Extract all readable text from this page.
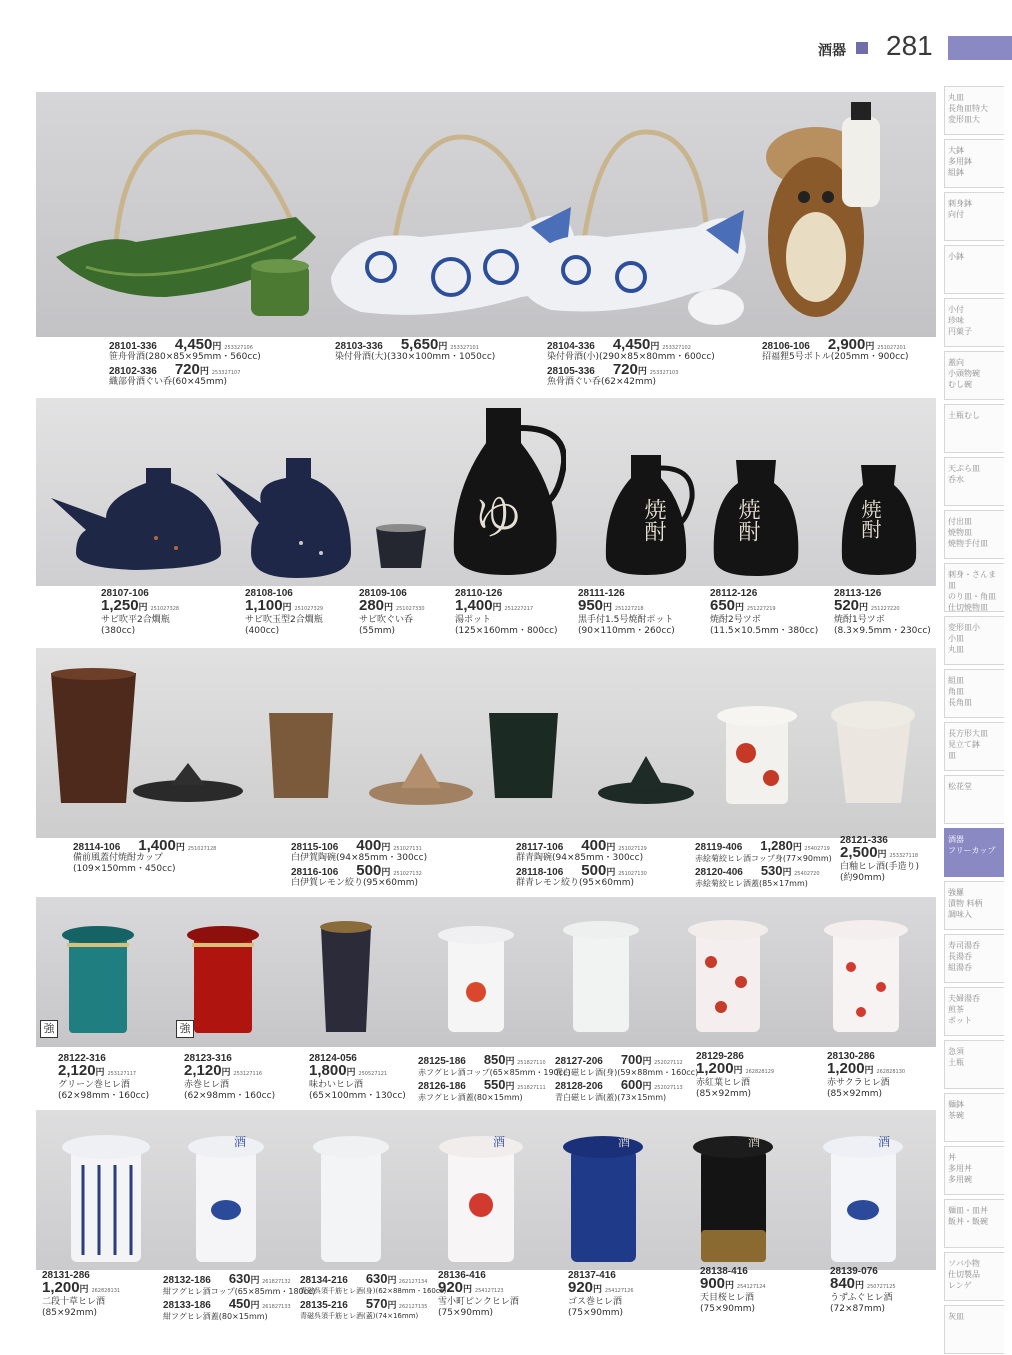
酒器 281
丸皿
長角皿特大
変形皿大
大鉢
多用鉢
組鉢
刺身鉢
向付
小鉢
小付
珍味
円菓子
蓋向
小頭物碗
むし碗
土瓶むし
天ぷら皿
呑水
付出皿
焼物皿
焼物手付皿
刺身・さんま皿
のり皿・角皿
仕切焼物皿
変形皿小
小皿
丸皿
組皿
角皿
長角皿
長方形大皿
見立て鉢
皿
松花堂
酒器
フリーカップ
強羅
漬物 料柄
調味入
寿司湯呑
長湯呑
組湯呑
夫婦湯呑
煎茶
ポット
急須
土瓶
麺鉢
茶碗
丼
多用丼
多用碗
麺皿・皿丼
飯丼・飯碗
ソバ小物
仕切製品
レンゲ
灰皿
28101-336 4,450円 253327106
笹舟骨酒(280×85×95mm・560cc)
28102-336 720円 253327107
織部骨酒ぐい呑(60×45mm)
28103-336 5,650円 253327101
染付骨酒(大)(330×100mm・1050cc)
28104-336 4,450円 253327102
染付骨酒(小)(290×85×80mm・600cc)
28105-336 720円 253327103
魚骨酒ぐい呑(62×42mm)
28106-106 2,900円 251027201
招福狸5号ボトル(205mm・900cc)
ゆ	焼酎	焼酎	焼酎
28107-106
1,250円 251027328
サビ吹平2合燗瓶
(380cc)
28108-106
1,100円 251027329
サビ吹玉型2合燗瓶
(400cc)
28109-106
280円 251027330
サビ吹ぐい呑
(55mm)
28110-126
1,400円 251227217
湯ポット
(125×160mm・800cc)
28111-126
950円 251227218
黒手付1.5号焼酎ポット
(90×110mm・260cc)
28112-126
650円 251227219
焼酎2号ツボ
(11.5×10.5mm・380cc)
28113-126
520円 251227220
焼酎1号ツボ
(8.3×9.5mm・230cc)
28114-106 1,400円 251027128
備前風蓋付焼酎カップ
(109×150mm・450cc)
28115-106 400円 251027131
白伊賀陶碗(94×85mm・300cc)
28116-106 500円 251027132
白伊賀レモン絞り(95×60mm)
28117-106 400円 251027129
群青陶碗(94×85mm・300cc)
28118-106 500円 251027130
群青レモン絞り(95×60mm)
28119-406 1,280円 25402719
赤絵菊絞ヒレ酒コップ身(77×90mm)
28120-406 530円 25402720
赤絵菊絞ヒレ酒蓋(85×17mm)
28121-336
2,500円 253327118
白釉ヒレ酒(手造り)
(約90mm)
強	強
28122-316
2,120円 253127117
グリーン巻ヒレ酒
(62×98mm・160cc)
28123-316
2,120円 253127116
赤巻ヒレ酒
(62×98mm・160cc)
28124-056
1,800円 250527121
味わいヒレ酒
(65×100mm・130cc)
28125-186 850円 251827110
赤フグヒレ酒コップ(65×85mm・190cc)
28126-186 550円 251827111
赤フグヒレ酒蓋(80×15mm)
28127-206 700円 252027112
青白磁ヒレ酒(身)(59×88mm・160cc)
28128-206 600円 252027113
青白磁ヒレ酒(蓋)(73×15mm)
28129-286
1,200円 262828129
赤紅葉ヒレ酒
(85×92mm)
28130-286
1,200円 262828130
赤サクラヒレ酒
(85×92mm)
酒	酒	酒	酒	酒
28131-286
1,200円 262828131
二段十草ヒレ酒
(85×92mm)
28132-186 630円 261827132
紺フグヒレ酒コップ(65×85mm・180cc)
28133-186 450円 261827133
紺フグヒレ酒蓋(80×15mm)
28134-216 630円 262127134
青磁呉須千筋ヒレ酒(身)(62×88mm・160cc)
28135-216 570円 262127135
青磁呉須千筋ヒレ酒(蓋)(74×16mm)
28136-416
920円 254127123
雪小町ピンクヒレ酒
(75×90mm)
28137-416
920円 254127126
ゴス巻ヒレ酒
(75×90mm)
28138-416
900円 254127124
天目桜ヒレ酒
(75×90mm)
28139-076
840円 250727125
うずふぐヒレ酒
(72×87mm)
